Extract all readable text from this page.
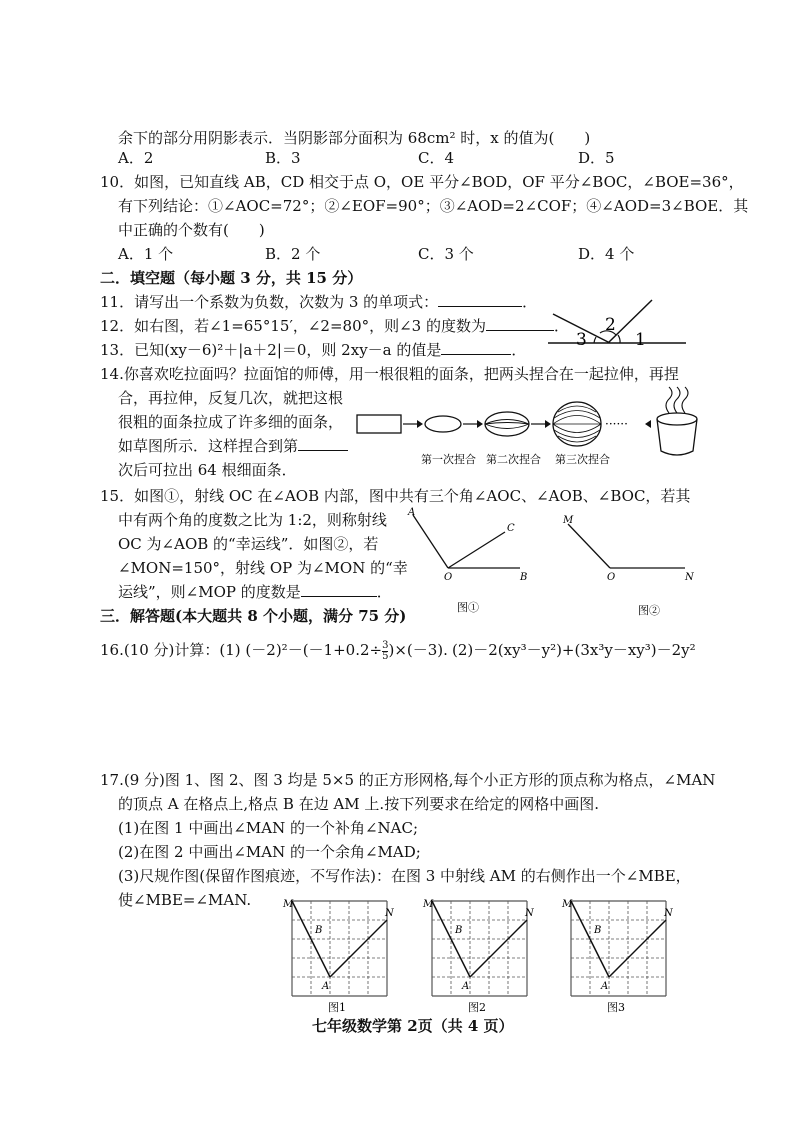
余下的部分用阴影表示．当阴影部分面积为 68cm² 时，x 的值为(　　)
A．2	B．3	C．4	D．5
10．如图，已知直线 AB，CD 相交于点 O，OE 平分∠BOD，OF 平分∠BOC，∠BOE=36°，
有下列结论：①∠AOC=72°；②∠EOF=90°；③∠AOD=2∠COF；④∠AOD=3∠BOE．其
中正确的个数有(　　)
A．1 个	B．2 个	C．3 个	D．4 个
二．填空题（每小题 3 分，共 15 分）
11．请写出一个系数为负数，次数为 3 的单项式：	．
12．如右图，若∠1=65°15′，∠2=80°，则∠3 的度数为	．
3
2
1
13．已知(xy－6)²＋|a＋2|＝0，则 2xy－a 的值是	．
14.你喜欢吃拉面吗？拉面馆的师傅，用一根很粗的面条，把两头捏合在一起拉伸，再捏
合，再拉伸，反复几次，就把这根
很粗的面条拉成了许多细的面条，
如草图所示．这样捏合到第
次后可拉出 64 根细面条．
······
第一次捏合 第二次捏合 第三次捏合
15．如图①，射线 OC 在∠AOB 内部，图中共有三个角∠AOC、∠AOB、∠BOC，若其
中有两个角的度数之比为 1:2，则称射线
OC 为∠AOB 的“幸运线”．如图②，若
∠MON=150°，射线 OP 为∠MON 的“幸
运线”，则∠MOP 的度数是	．
A
C
O	B
图①
M
O	N
图②
三．解答题(本大题共 8 个小题，满分 75 分)
16.(10 分)计算：(1) $(-2)^2-(-1+0.2\div \frac{3}{5} )\times(-3)$. (2)－2(xy³－y²)+(3x³y－xy³)－2y²
17.(9 分)图 1、图 2、图 3 均是 5×5 的正方形网格,每个小正方形的顶点称为格点，∠MAN
的顶点 A 在格点上,格点 B 在边 AM 上.按下列要求在给定的网格中画图.
(1)在图 1 中画出∠MAN 的一个补角∠NAC;
(2)在图 2 中画出∠MAN 的一个余角∠MAD;
(3)尺规作图(保留作图痕迹，不写作法)：在图 3 中射线 AM 的右侧作出一个∠MBE，
使∠MBE=∠MAN.	M
N
B
A
图1
M
N
B
A
图2
M
N
B
A
图3
七年级数学第 2页（共 4 页）
